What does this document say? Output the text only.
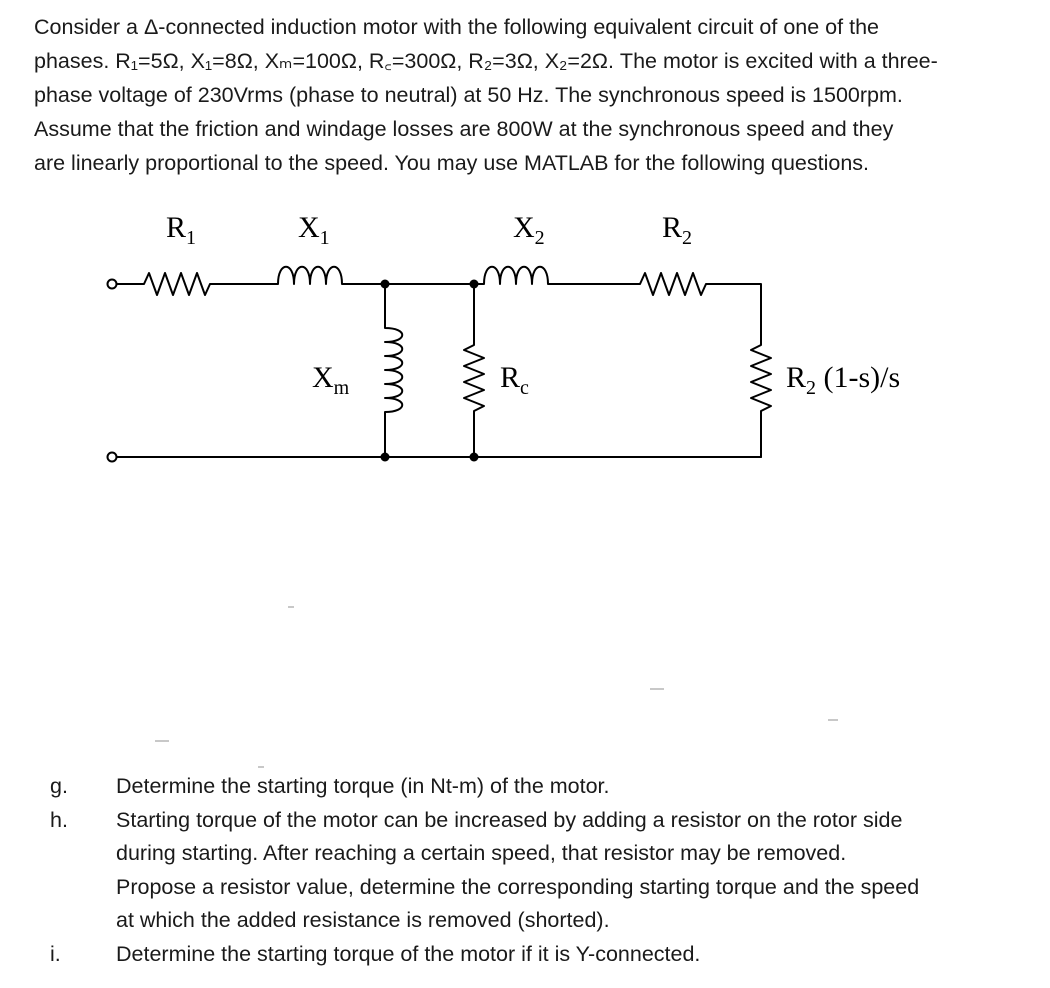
Consider a Δ-connected induction motor with the following equivalent circuit of one of the
phases. R₁=5Ω, X₁=8Ω, Xₘ=100Ω, R꜀=300Ω, R₂=3Ω, X₂=2Ω. The motor is excited with a three-
phase voltage of 230Vrms (phase to neutral) at 50 Hz. The synchronous speed is 1500rpm.
Assume that the friction and windage losses are 800W at the synchronous speed and they
are linearly proportional to the speed. You may use MATLAB for the following questions.
R1	X1	X2	R2
Xm	Rc	R2 (1-s)/s
g.	Determine the starting torque (in Nt-m) of the motor.
h.	Starting torque of the motor can be increased by adding a resistor on the rotor side
during starting. After reaching a certain speed, that resistor may be removed.
Propose a resistor value, determine the corresponding starting torque and the speed
at which the added resistance is removed (shorted).
i.	Determine the starting torque of the motor if it is Y-connected.
